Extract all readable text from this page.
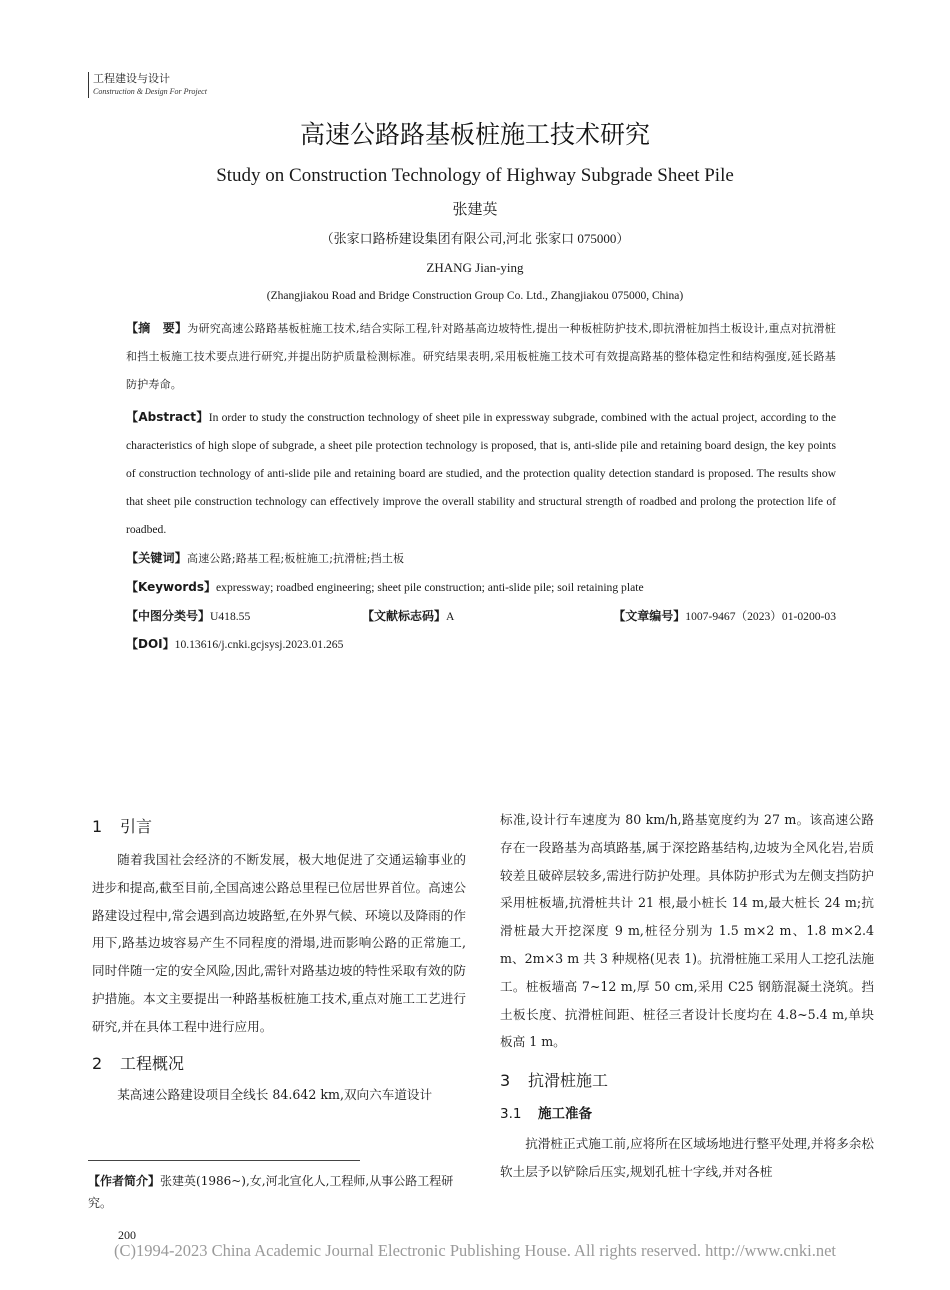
工程建设与设计
Construction & Design For Project
高速公路路基板桩施工技术研究
Study on Construction Technology of Highway Subgrade Sheet Pile
张建英
（张家口路桥建设集团有限公司,河北 张家口 075000）
ZHANG Jian-ying
(Zhangjiakou Road and Bridge Construction Group Co. Ltd., Zhangjiakou 075000, China)

【摘　要】为研究高速公路路基板桩施工技术,结合实际工程,针对路基高边坡特性,提出一种板桩防护技术,即抗滑桩加挡土板设计,重点对抗滑桩和挡土板施工技术要点进行研究,并提出防护质量检测标准。研究结果表明,采用板桩施工技术可有效提高路基的整体稳定性和结构强度,延长路基防护寿命。

【Abstract】In order to study the construction technology of sheet pile in expressway subgrade, combined with the actual project, according to the characteristics of high slope of subgrade, a sheet pile protection technology is proposed, that is, anti-slide pile and retaining board design, the key points of construction technology of anti-slide pile and retaining board are studied, and the protection quality detection standard is proposed. The results show that sheet pile construction technology can effectively improve the overall stability and structural strength of roadbed and prolong the protection life of roadbed.

【关键词】高速公路;路基工程;板桩施工;抗滑桩;挡土板

【Keywords】expressway; roadbed engineering; sheet pile construction; anti-slide pile; soil retaining plate

【中图分类号】U418.55	【文献标志码】A	【文章编号】1007-9467（2023）01-0200-03
【DOI】10.13616/j.cnki.gcjsysj.2023.01.265
1 引言

随着我国社会经济的不断发展，极大地促进了交通运输事业的进步和提高,截至目前,全国高速公路总里程已位居世界首位。高速公路建设过程中,常会遇到高边坡路堑,在外界气候、环境以及降雨的作用下,路基边坡容易产生不同程度的滑塌,进而影响公路的正常施工,同时伴随一定的安全风险,因此,需针对路基边坡的特性采取有效的防护措施。本文主要提出一种路基板桩施工技术,重点对施工工艺进行研究,并在具体工程中进行应用。

2 工程概况

某高速公路建设项目全线长 84.642 km,双向六车道设计

标准,设计行车速度为 80 km/h,路基宽度约为 27 m。该高速公路存在一段路基为高填路基,属于深挖路基结构,边坡为全风化岩,岩质较差且破碎层较多,需进行防护处理。具体防护形式为左侧支挡防护采用桩板墙,抗滑桩共计 21 根,最小桩长 14 m,最大桩长 24 m;抗滑桩最大开挖深度 9 m,桩径分别为 1.5 m×2 m、1.8 m×2.4 m、2m×3 m 共 3 种规格(见表 1)。抗滑桩施工采用人工挖孔法施工。桩板墙高 7~12 m,厚 50 cm,采用 C25 钢筋混凝土浇筑。挡土板长度、抗滑桩间距、桩径三者设计长度均在 4.8~5.4 m,单块板高 1 m。

3 抗滑桩施工
3.1 施工准备

抗滑桩正式施工前,应将所在区域场地进行整平处理,并将多余松软土层予以铲除后压实,规划孔桩十字线,并对各桩

【作者简介】张建英(1986~),女,河北宣化人,工程师,从事公路工程研究。
200
(C)1994-2023 China Academic Journal Electronic Publishing House. All rights reserved. http://www.cnki.net
